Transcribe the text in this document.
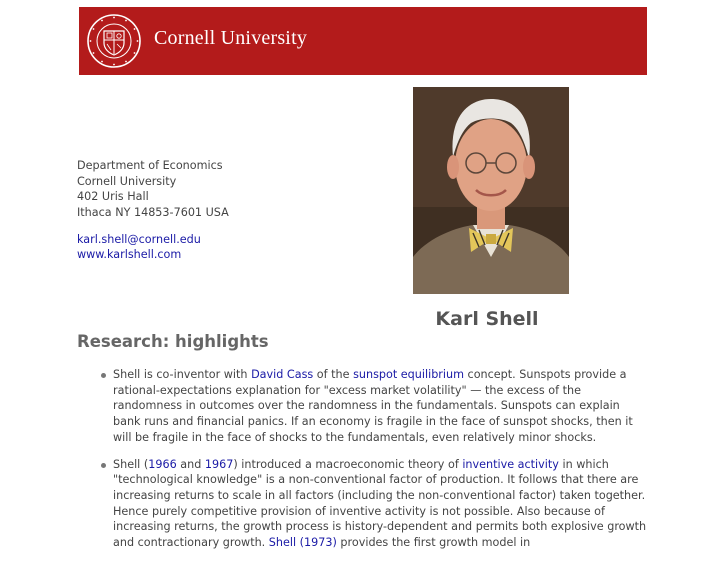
Cornell University
Department of Economics
Cornell University
402 Uris Hall
Ithaca NY 14853-7601 USA
karl.shell@cornell.edu
www.karlshell.com
Karl Shell
Research: highlights
Shell is co-inventor with David Cass of the sunspot equilibrium concept. Sunspots provide a rational-expectations explanation for "excess market volatility" — the excess of the randomness in outcomes over the randomness in the fundamentals. Sunspots can explain bank runs and financial panics. If an economy is fragile in the face of sunspot shocks, then it will be fragile in the face of shocks to the fundamentals, even relatively minor shocks.
Shell (1966 and 1967) introduced a macroeconomic theory of inventive activity in which "technological knowledge" is a non-conventional factor of production. It follows that there are increasing returns to scale in all factors (including the non-conventional factor) taken together. Hence purely competitive provision of inventive activity is not possible. Also because of increasing returns, the growth process is history-dependent and permits both explosive growth and contractionary growth. Shell (1973) provides the first growth model in
